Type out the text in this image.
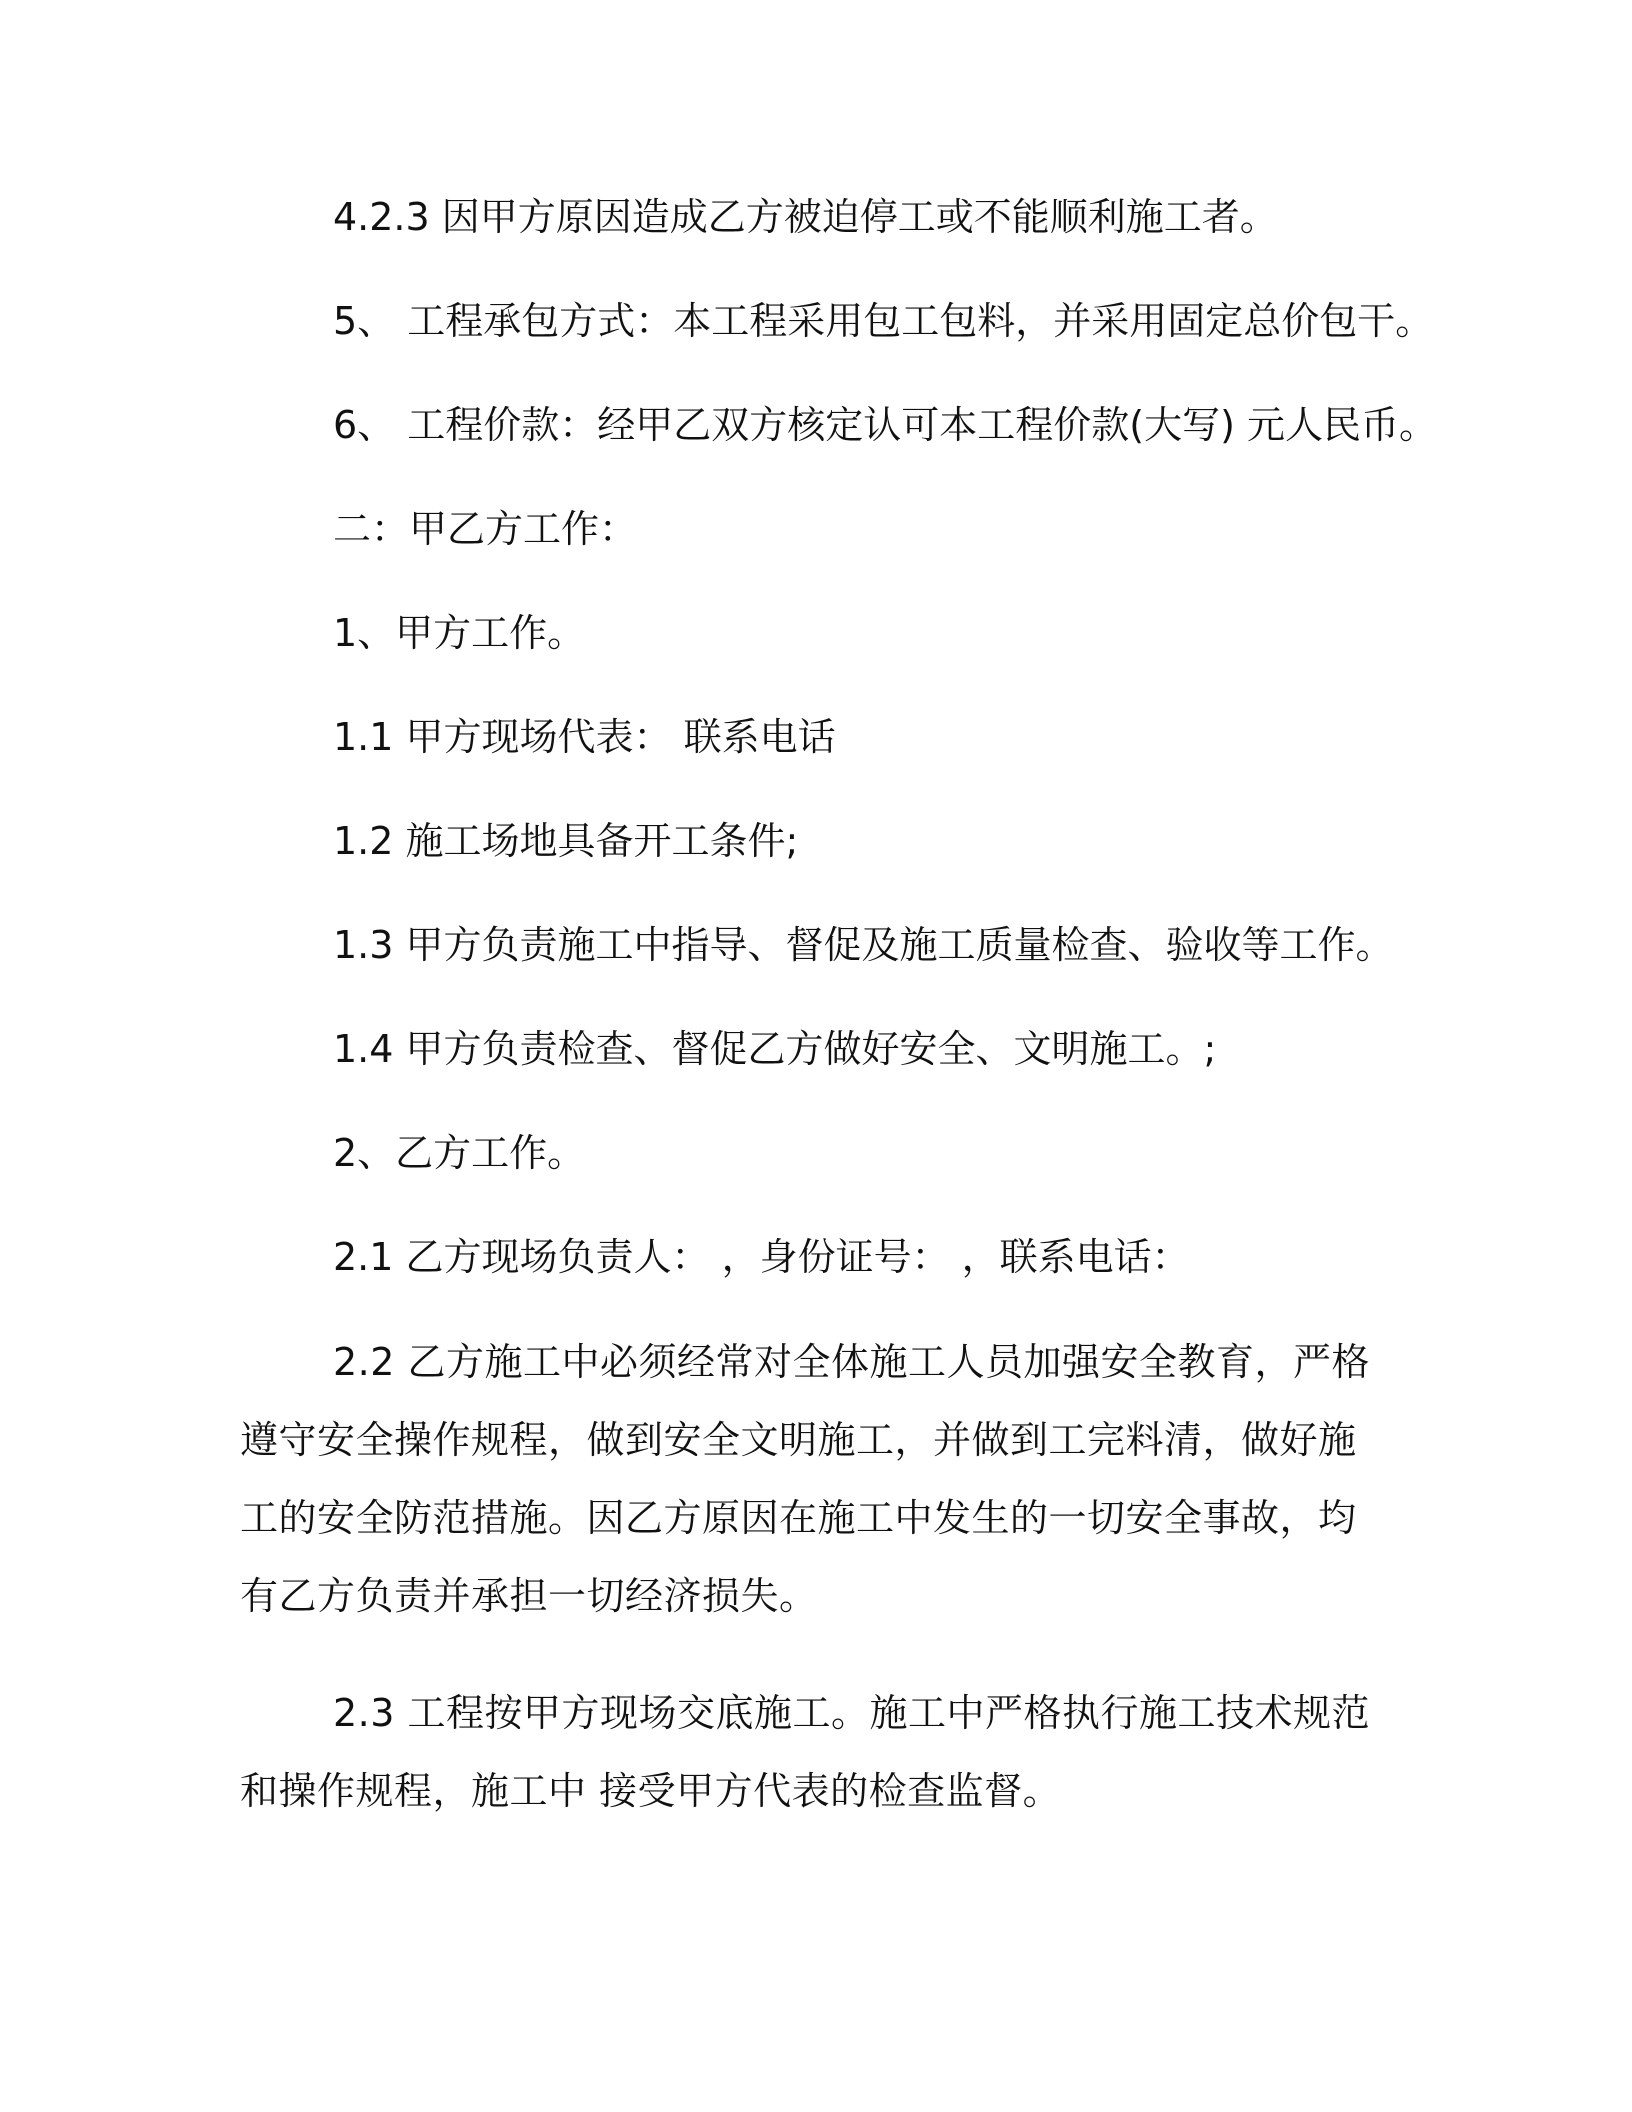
4.2.3 因甲方原因造成乙方被迫停工或不能顺利施工者。
5、 工程承包方式：本工程采用包工包料，并采用固定总价包干。
6、 工程价款：经甲乙双方核定认可本工程价款(大写) 元人民币。
二：甲乙方工作：
1、甲方工作。
1.1 甲方现场代表： 联系电话
1.2 施工场地具备开工条件;
1.3 甲方负责施工中指导、督促及施工质量检查、验收等工作。
1.4 甲方负责检查、督促乙方做好安全、文明施工。;
2、乙方工作。
2.1 乙方现场负责人： ，身份证号： ，联系电话：
2.2 乙方施工中必须经常对全体施工人员加强安全教育，严格遵守安全操作规程，做到安全文明施工，并做到工完料清，做好施工的安全防范措施。因乙方原因在施工中发生的一切安全事故，均有乙方负责并承担一切经济损失。
2.3 工程按甲方现场交底施工。施工中严格执行施工技术规范和操作规程，施工中 接受甲方代表的检查监督。
